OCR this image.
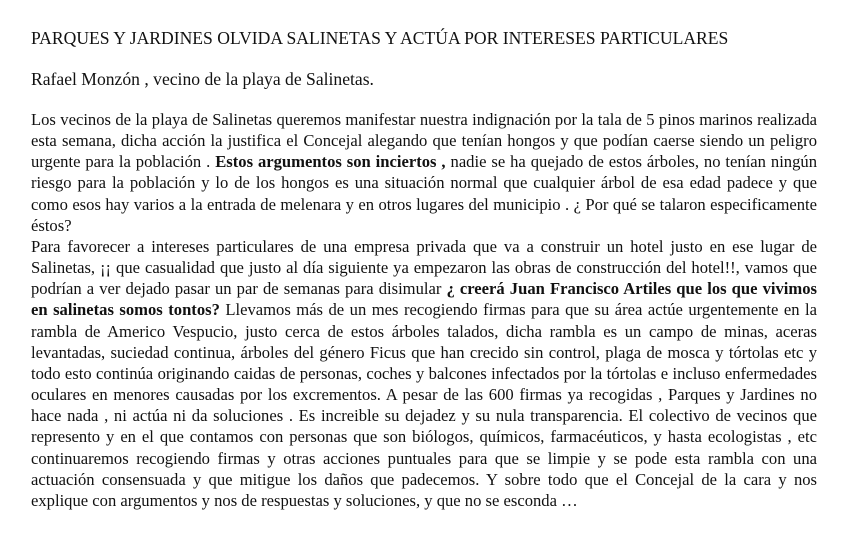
PARQUES Y JARDINES OLVIDA SALINETAS Y ACTÚA POR INTERESES PARTICULARES

Rafael Monzón , vecino de la playa de Salinetas.

Los vecinos de la playa de Salinetas queremos manifestar nuestra indignación por la tala de 5 pinos marinos realizada esta semana, dicha acción la justifica el Concejal alegando que tenían hongos y que podían caerse siendo un peligro urgente para la población . Estos argumentos son inciertos , nadie se ha quejado de estos árboles, no tenían ningún riesgo para la población y lo de los hongos es una situación normal que cualquier árbol de esa edad padece y que como esos hay varios a la entrada de melenara y en otros lugares del municipio . ¿ Por qué se talaron especificamente éstos?

Para favorecer a intereses particulares de una empresa privada que va a construir un hotel justo en ese lugar de Salinetas, ¡¡ que casualidad que justo al día siguiente ya empezaron las obras de construcción del hotel!!, vamos que podrían a ver dejado pasar un par de semanas para disimular ¿ creerá Juan Francisco Artiles que los que vivimos en salinetas somos tontos? Llevamos más de un mes recogiendo firmas para que su área actúe urgentemente en la rambla de Americo Vespucio, justo cerca de estos árboles talados, dicha rambla es un campo de minas, aceras levantadas, suciedad continua, árboles del género Ficus que han crecido sin control, plaga de mosca y tórtolas etc y todo esto continúa originando caidas de personas, coches y balcones infectados por la tórtolas e incluso enfermedades oculares en menores causadas por los excrementos. A pesar de las 600 firmas ya recogidas , Parques y Jardines no hace nada , ni actúa ni da soluciones . Es increible su dejadez y su nula transparencia. El colectivo de vecinos que represento y en el que contamos con personas que son biólogos, químicos, farmacéuticos, y hasta ecologistas , etc continuaremos recogiendo firmas y otras acciones puntuales para que se limpie y se pode esta rambla con una actuación consensuada y que mitigue los daños que padecemos. Y sobre todo que el Concejal de la cara y nos explique con argumentos y nos de respuestas y soluciones, y que no se esconda …
